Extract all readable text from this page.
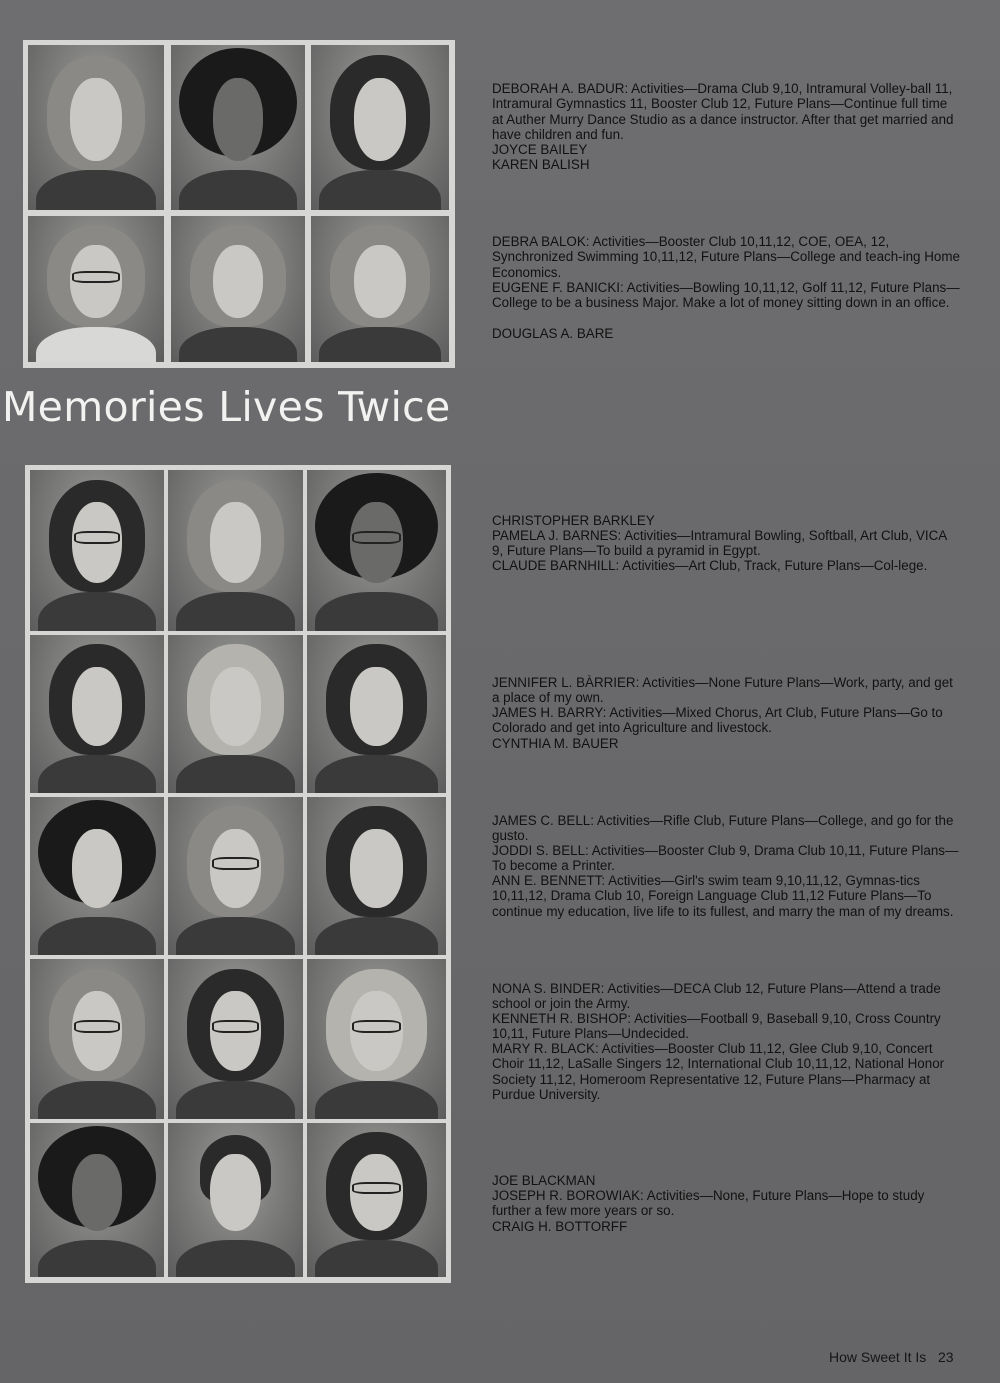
Memories Lives Twice

DEBORAH A. BADUR: Activities—Drama Club 9,10, Intramural Volley-ball 11, Intramural Gymnastics 11, Booster Club 12, Future Plans—Continue full time at Auther Murry Dance Studio as a dance instructor. After that get married and have children and fun.

JOYCE BAILEY

KAREN BALISH

DEBRA BALOK: Activities—Booster Club 10,11,12, COE, OEA, 12, Synchronized Swimming 10,11,12, Future Plans—College and teach-ing Home Economics.

EUGENE F. BANICKI: Activities—Bowling 10,11,12, Golf 11,12, Future Plans—College to be a business Major. Make a lot of money sitting down in an office.

DOUGLAS A. BARE

CHRISTOPHER BARKLEY

PAMELA J. BARNES: Activities—Intramural Bowling, Softball, Art Club, VICA 9, Future Plans—To build a pyramid in Egypt.

CLAUDE BARNHILL: Activities—Art Club, Track, Future Plans—Col-lege.

JENNIFER L. BÀRRIER: Activities—None Future Plans—Work, party, and get a place of my own.

JAMES H. BARRY: Activities—Mixed Chorus, Art Club, Future Plans—Go to Colorado and get into Agriculture and livestock.

CYNTHIA M. BAUER

JAMES C. BELL: Activities—Rifle Club, Future Plans—College, and go for the gusto.

JODDI S. BELL: Activities—Booster Club 9, Drama Club 10,11, Future Plans—To become a Printer.

ANN E. BENNETT: Activities—Girl's swim team 9,10,11,12, Gymnas-tics 10,11,12, Drama Club 10, Foreign Language Club 11,12 Future Plans—To continue my education, live life to its fullest, and marry the man of my dreams.

NONA S. BINDER: Activities—DECA Club 12, Future Plans—Attend a trade school or join the Army.

KENNETH R. BISHOP: Activities—Football 9, Baseball 9,10, Cross Country 10,11, Future Plans—Undecided.

MARY R. BLACK: Activities—Booster Club 11,12, Glee Club 9,10, Concert Choir 11,12, LaSalle Singers 12, International Club 10,11,12, National Honor Society 11,12, Homeroom Representative 12, Future Plans—Pharmacy at Purdue University.

JOE BLACKMAN

JOSEPH R. BOROWIAK: Activities—None, Future Plans—Hope to study further a few more years or so.

CRAIG H. BOTTORFF

How Sweet It Is 23
